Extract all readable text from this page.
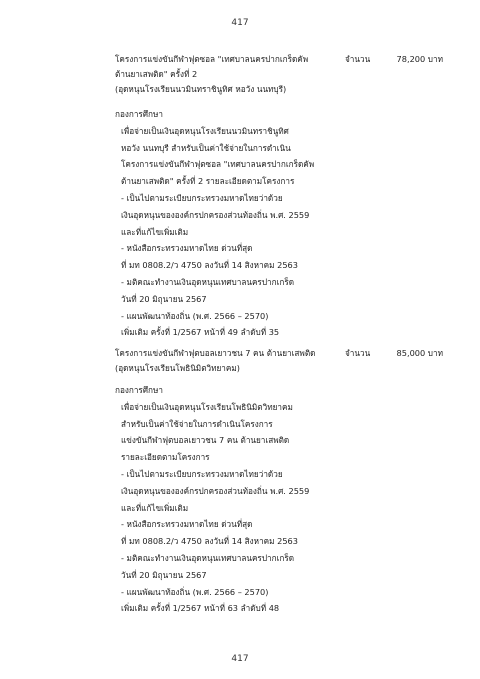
417
โครงการแข่งขันกีฬาฟุตซอล "เทศบาลนครปากเกร็ดคัพ
ต้านยาเสพติด" ครั้งที่ 2
(อุดหนุนโรงเรียนนวมินทราชินูทิศ หอวัง นนทบุรี)
จำนวน	78,200 บาท
กองการศึกษา
เพื่อจ่ายเป็นเงินอุดหนุนโรงเรียนนวมินทราชินูทิศ
หอวัง นนทบุรี สำหรับเป็นค่าใช้จ่ายในการดำเนิน
โครงการแข่งขันกีฬาฟุตซอล "เทศบาลนครปากเกร็ดคัพ
ต้านยาเสพติด" ครั้งที่ 2 รายละเอียดตามโครงการ
- เป็นไปตามระเบียบกระทรวงมหาดไทยว่าด้วย
เงินอุดหนุนขององค์กรปกครองส่วนท้องถิ่น พ.ศ. 2559
และที่แก้ไขเพิ่มเติม
- หนังสือกระทรวงมหาดไทย ด่วนที่สุด
ที่ มท 0808.2/ว 4750 ลงวันที่ 14 สิงหาคม 2563
- มติคณะทำงานเงินอุดหนุนเทศบาลนครปากเกร็ด
วันที่ 20 มิถุนายน 2567
- แผนพัฒนาท้องถิ่น (พ.ศ. 2566 – 2570)
เพิ่มเติม ครั้งที่ 1/2567 หน้าที่ 49 ลำดับที่ 35
โครงการแข่งขันกีฬาฟุตบอลเยาวชน 7 คน ต้านยาเสพติด
(อุดหนุนโรงเรียนโพธินิมิตวิทยาคม)
จำนวน	85,000 บาท
กองการศึกษา
เพื่อจ่ายเป็นเงินอุดหนุนโรงเรียนโพธินิมิตวิทยาคม
สำหรับเป็นค่าใช้จ่ายในการดำเนินโครงการ
แข่งขันกีฬาฟุตบอลเยาวชน 7 คน ต้านยาเสพติด
รายละเอียดตามโครงการ
- เป็นไปตามระเบียบกระทรวงมหาดไทยว่าด้วย
เงินอุดหนุนขององค์กรปกครองส่วนท้องถิ่น พ.ศ. 2559
และที่แก้ไขเพิ่มเติม
- หนังสือกระทรวงมหาดไทย ด่วนที่สุด
ที่ มท 0808.2/ว 4750 ลงวันที่ 14 สิงหาคม 2563
- มติคณะทำงานเงินอุดหนุนเทศบาลนครปากเกร็ด
วันที่ 20 มิถุนายน 2567
- แผนพัฒนาท้องถิ่น (พ.ศ. 2566 – 2570)
เพิ่มเติม ครั้งที่ 1/2567 หน้าที่ 63 ลำดับที่ 48
417
